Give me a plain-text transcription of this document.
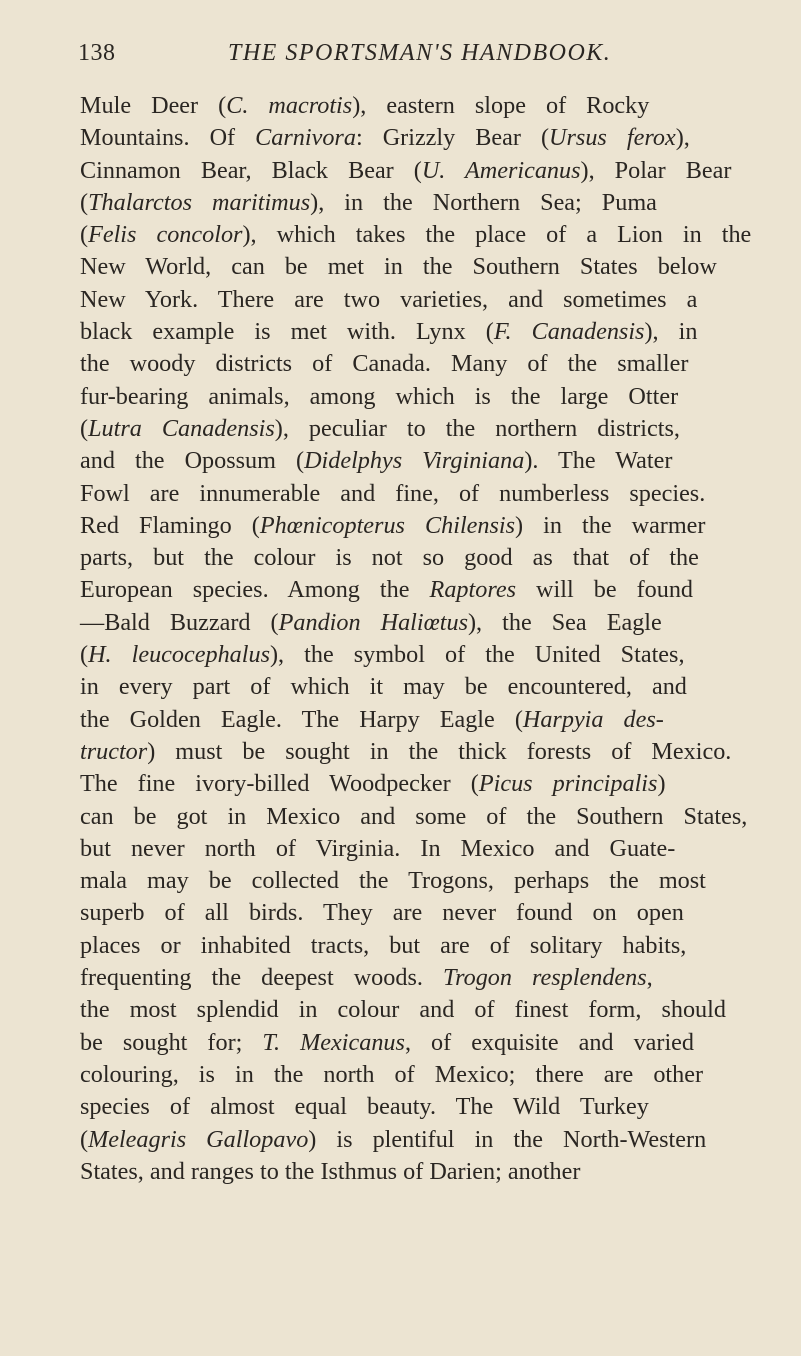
138	THE SPORTSMAN'S HANDBOOK.
Mule Deer (C. macrotis), eastern slope of Rocky
Mountains. Of Carnivora: Grizzly Bear (Ursus ferox),
Cinnamon Bear, Black Bear (U. Americanus), Polar Bear
(Thalarctos maritimus), in the Northern Sea; Puma
(Felis concolor), which takes the place of a Lion in the
New World, can be met in the Southern States below
New York. There are two varieties, and sometimes a
black example is met with. Lynx (F. Canadensis), in
the woody districts of Canada. Many of the smaller
fur-bearing animals, among which is the large Otter
(Lutra Canadensis), peculiar to the northern districts,
and the Opossum (Didelphys Virginiana). The Water
Fowl are innumerable and fine, of numberless species.
Red Flamingo (Phœnicopterus Chilensis) in the warmer
parts, but the colour is not so good as that of the
European species. Among the Raptores will be found
—Bald Buzzard (Pandion Haliœtus), the Sea Eagle
(H. leucocephalus), the symbol of the United States,
in every part of which it may be encountered, and
the Golden Eagle. The Harpy Eagle (Harpyia des-
tructor) must be sought in the thick forests of Mexico.
The fine ivory-billed Woodpecker (Picus principalis)
can be got in Mexico and some of the Southern States,
but never north of Virginia. In Mexico and Guate-
mala may be collected the Trogons, perhaps the most
superb of all birds. They are never found on open
places or inhabited tracts, but are of solitary habits,
frequenting the deepest woods. Trogon resplendens,
the most splendid in colour and of finest form, should
be sought for; T. Mexicanus, of exquisite and varied
colouring, is in the north of Mexico; there are other
species of almost equal beauty. The Wild Turkey
(Meleagris Gallopavo) is plentiful in the North-Western
States, and ranges to the Isthmus of Darien; another
